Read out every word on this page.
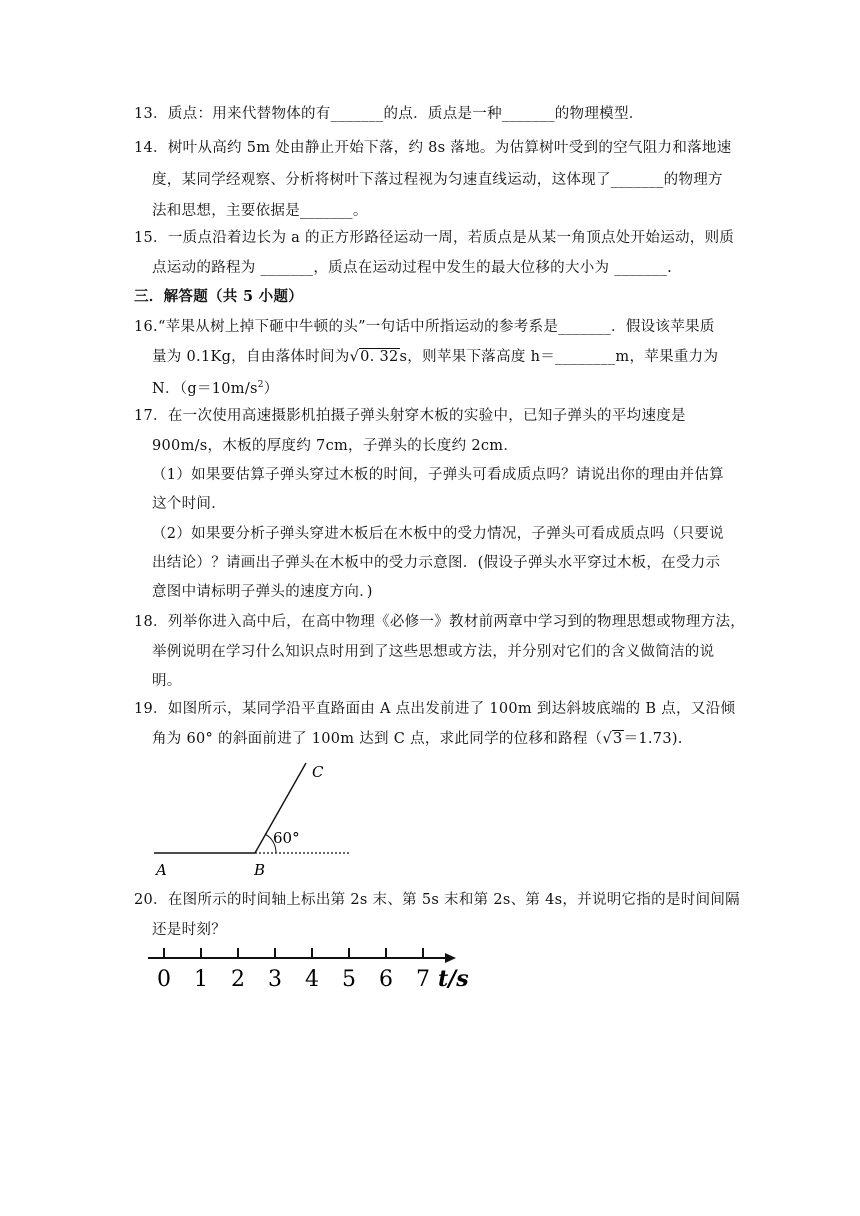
13．质点：用来代替物体的有_______的点．质点是一种_______的物理模型．
14．树叶从高约 5m 处由静止开始下落，约 8s 落地。为估算树叶受到的空气阻力和落地速
度，某同学经观察、分析将树叶下落过程视为匀速直线运动，这体现了_______的物理方
法和思想，主要依据是_______。
15．一质点沿着边长为 a 的正方形路径运动一周，若质点是从某一角顶点处开始运动，则质
点运动的路程为 _______，质点在运动过程中发生的最大位移的大小为 _______.
三．解答题（共 5 小题）
16.“苹果从树上掉下砸中牛顿的头”一句话中所指运动的参考系是_______．假设该苹果质
量为 0.1Kg，自由落体时间为√0. 32s，则苹果下落高度 h＝________m，苹果重力为
N．$(g=10m/s^2)$
17．在一次使用高速摄影机拍摄子弹头射穿木板的实验中，已知子弹头的平均速度是
900m/s，木板的厚度约 7cm，子弹头的长度约 2cm．
（1）如果要估算子弹头穿过木板的时间，子弹头可看成质点吗？请说出你的理由并估算
这个时间．
（2）如果要分析子弹头穿进木板后在木板中的受力情况，子弹头可看成质点吗（只要说
出结论）？请画出子弹头在木板中的受力示意图．(假设子弹头水平穿过木板，在受力示
意图中请标明子弹头的速度方向．)
18．列举你进入高中后，在高中物理《必修一》教材前两章中学习到的物理思想或物理方法，
举例说明在学习什么知识点时用到了这些思想或方法，并分别对它们的含义做简洁的说
明。
19．如图所示，某同学沿平直路面由 A 点出发前进了 100m 到达斜坡底端的 B 点，又沿倾
角为 60° 的斜面前进了 100m 达到 C 点，求此同学的位移和路程（√3＝1.73).
60°
A	B
C
20．在图所示的时间轴上标出第 2s 末、第 5s 末和第 2s、第 4s，并说明它指的是时间间隔
还是时刻？
0 1 2 3 4 5 6 7 t/s
